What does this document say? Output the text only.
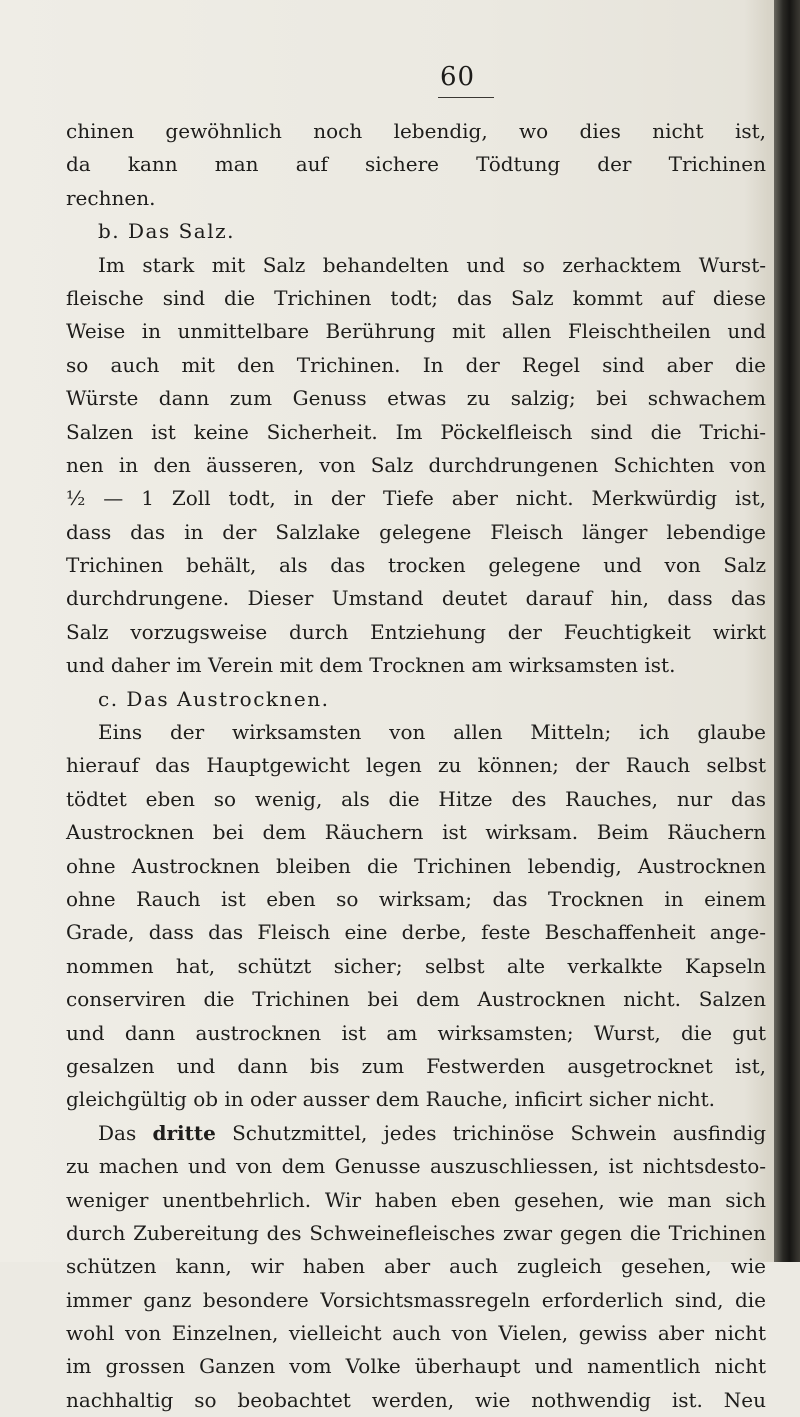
60
chinen gewöhnlich noch lebendig, wo dies nicht ist,
da kann man auf sichere Tödtung der Trichinen
rechnen.
b. Das Salz.
Im stark mit Salz behandelten und so zerhacktem Wurst-
fleische sind die Trichinen todt; das Salz kommt auf diese
Weise in unmittelbare Berührung mit allen Fleischtheilen und
so auch mit den Trichinen. In der Regel sind aber die
Würste dann zum Genuss etwas zu salzig; bei schwachem
Salzen ist keine Sicherheit. Im Pöckelfleisch sind die Trichi-
nen in den äusseren, von Salz durchdrungenen Schichten von
½ — 1 Zoll todt, in der Tiefe aber nicht. Merkwürdig ist,
dass das in der Salzlake gelegene Fleisch länger lebendige
Trichinen behält, als das trocken gelegene und von Salz
durchdrungene. Dieser Umstand deutet darauf hin, dass das
Salz vorzugsweise durch Entziehung der Feuchtigkeit wirkt
und daher im Verein mit dem Trocknen am wirksamsten ist.
c. Das Austrocknen.
Eins der wirksamsten von allen Mitteln; ich glaube
hierauf das Hauptgewicht legen zu können; der Rauch selbst
tödtet eben so wenig, als die Hitze des Rauches, nur das
Austrocknen bei dem Räuchern ist wirksam. Beim Räuchern
ohne Austrocknen bleiben die Trichinen lebendig, Austrocknen
ohne Rauch ist eben so wirksam; das Trocknen in einem
Grade, dass das Fleisch eine derbe, feste Beschaffenheit ange-
nommen hat, schützt sicher; selbst alte verkalkte Kapseln
conserviren die Trichinen bei dem Austrocknen nicht. Salzen
und dann austrocknen ist am wirksamsten; Wurst, die gut
gesalzen und dann bis zum Festwerden ausgetrocknet ist,
gleichgültig ob in oder ausser dem Rauche, inficirt sicher nicht.
Das dritte Schutzmittel, jedes trichinöse Schwein ausfindig
zu machen und von dem Genusse auszuschliessen, ist nichtsdesto-
weniger unentbehrlich. Wir haben eben gesehen, wie man sich
durch Zubereitung des Schweinefleisches zwar gegen die Trichinen
schützen kann, wir haben aber auch zugleich gesehen, wie
immer ganz besondere Vorsichtsmassregeln erforderlich sind, die
wohl von Einzelnen, vielleicht auch von Vielen, gewiss aber nicht
im grossen Ganzen vom Volke überhaupt und namentlich nicht
nachhaltig so beobachtet werden, wie nothwendig ist. Neu
